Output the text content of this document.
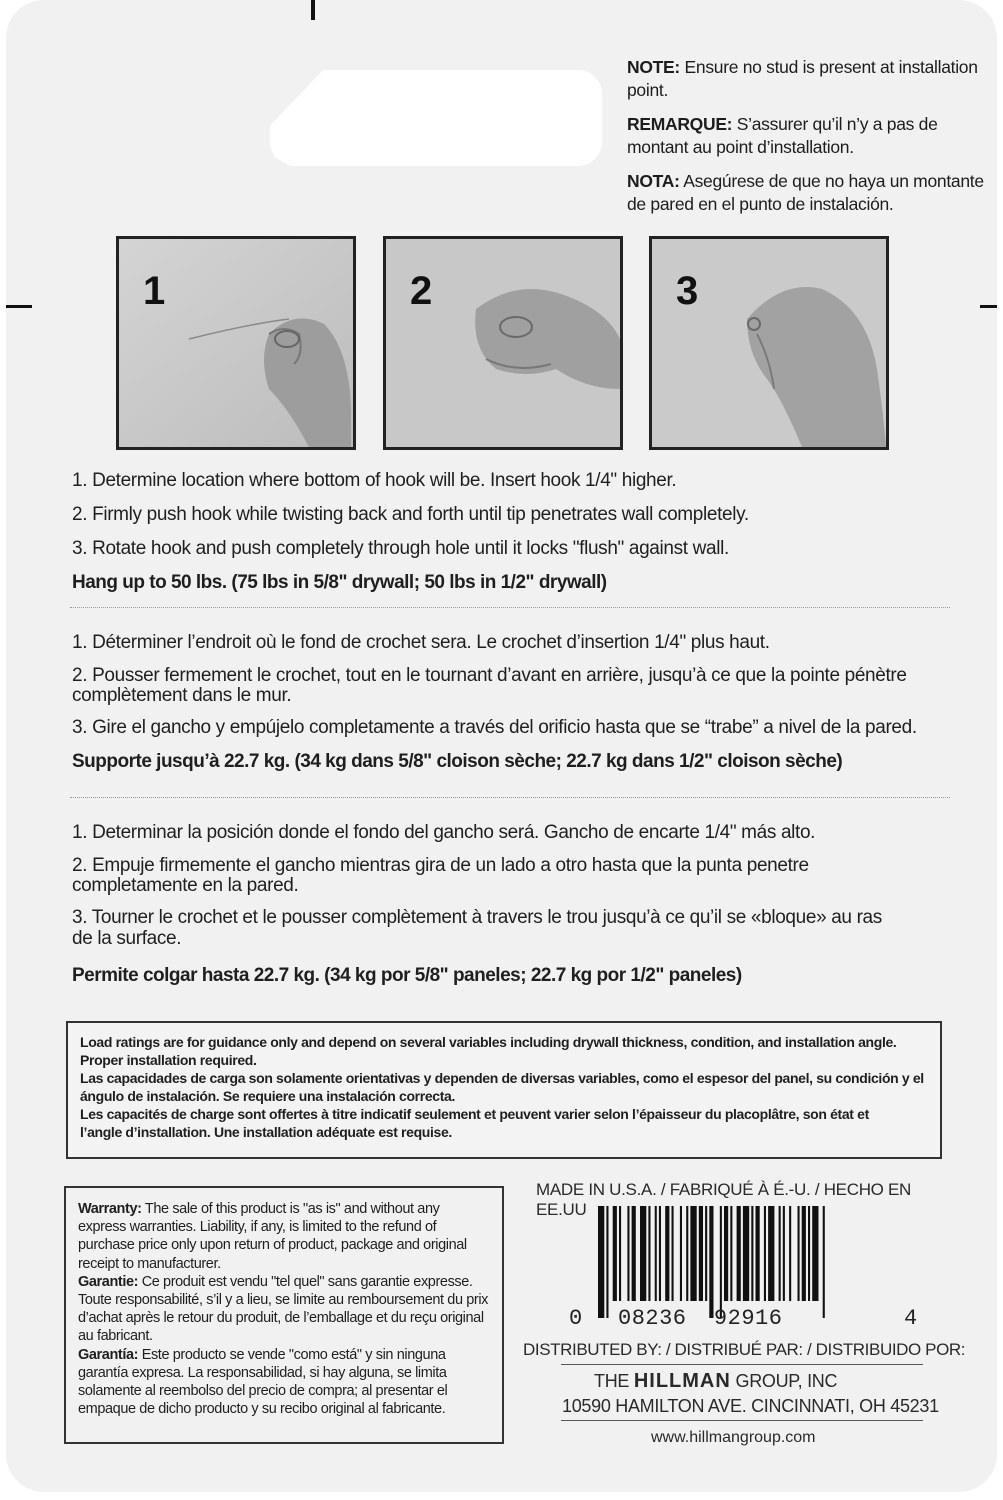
NOTE: Ensure no stud is present at installation point.

REMARQUE: S’assurer qu’il n’y a pas de montant au point d’installation.

NOTA: Asegúrese de que no haya un montante de pared en el punto de instalación.

1	2	3

1. Determine location where bottom of hook will be. Insert hook 1/4" higher.

2. Firmly push hook while twisting back and forth until tip penetrates wall completely.

3. Rotate hook and push completely through hole until it locks "flush" against wall.

Hang up to 50 lbs. (75 lbs in 5/8" drywall; 50 lbs in 1/2" drywall)

1. Déterminer l’endroit où le fond de crochet sera. Le crochet d’insertion 1/4" plus haut.

2. Pousser fermement le crochet, tout en le tournant d’avant en arrière, jusqu’à ce que la pointe pénètre

complètement dans le mur.

3. Gire el gancho y empújelo completamente a través del orificio hasta que se “trabe” a nivel de la pared.

Supporte jusqu’à 22.7 kg. (34 kg dans 5/8" cloison sèche; 22.7 kg dans 1/2" cloison sèche)

1. Determinar la posición donde el fondo del gancho será. Gancho de encarte 1/4" más alto.

2. Empuje firmemente el gancho mientras gira de un lado a otro hasta que la punta penetre

completamente en la pared.

3. Tourner le crochet et le pousser complètement à travers le trou jusqu’à ce qu’il se «bloque» au ras

de la surface.

Permite colgar hasta 22.7 kg. (34 kg por 5/8" paneles; 22.7 kg por 1/2" paneles)

Load ratings are for guidance only and depend on several variables including drywall thickness, condition, and installation angle.

Proper installation required.

Las capacidades de carga son solamente orientativas y dependen de diversas variables, como el espesor del panel, su condición y el

ángulo de instalación. Se requiere una instalación correcta.

Les capacités de charge sont offertes à titre indicatif seulement et peuvent varier selon l’épaisseur du placoplâtre, son état et

l’angle d’installation. Une installation adéquate est requise.

Warranty: The sale of this product is "as is" and without any express warranties. Liability, if any, is limited to the refund of purchase price only upon return of product, package and original receipt to manufacturer.

Garantie: Ce produit est vendu "tel quel" sans garantie expresse. Toute responsabilité, s’il y a lieu, se limite au remboursement du prix d’achat après le retour du produit, de l’emballage et du reçu original au fabricant.

Garantía: Este producto se vende "como está" y sin ninguna garantía expresa. La responsabilidad, si hay alguna, se limita solamente al reembolso del precio de compra; al presentar el empaque de dicho producto y su recibo original al fabricante.

MADE IN U.S.A. / FABRIQUÉ À É.-U. / HECHO EN EE.UU
0 08236  92916	4
DISTRIBUTED BY: / DISTRIBUÉ PAR: / DISTRIBUIDO POR:
THE HILLMAN GROUP, INC
10590 HAMILTON AVE. CINCINNATI, OH 45231
www.hillmangroup.com
